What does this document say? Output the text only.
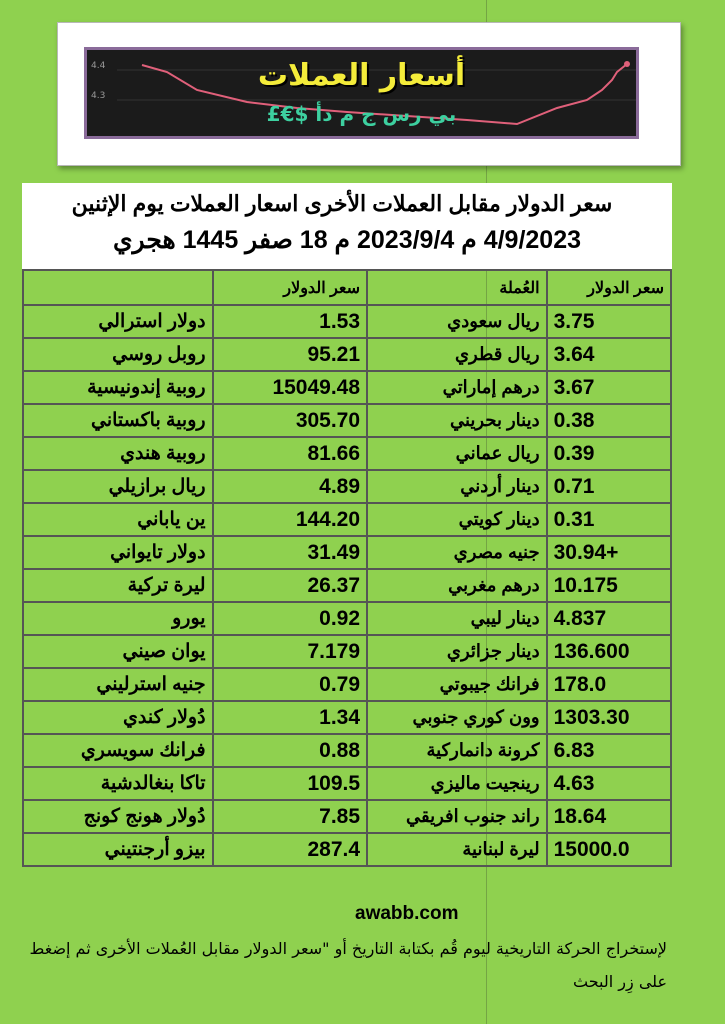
4.4
4.3
أسعار العملات
بي رس ج م دأ $€£
سعر الدولار مقابل العملات الأخرى اسعار العملات يوم الإثنين
4/9/2023 م 2023/9/4 م 18 صفر 1445 هجري
	سعر الدولار	العُملة	سعر الدولار
دولار استرالي	1.53	ريال سعودي	3.75
روبل روسي	95.21	ريال قطري	3.64
روبية إندونيسية	15049.48	درهم إماراتي	3.67
روبية باكستاني	305.70	دينار بحريني	0.38
روبية هندي	81.66	ريال عماني	0.39
ريال برازيلي	4.89	دينار أردني	0.71
ين ياباني	144.20	دينار كويتي	0.31
دولار تايواني	31.49	جنيه مصري	30.94+
ليرة تركية	26.37	درهم مغربي	10.175
يورو	0.92	دينار ليبي	4.837
يوان صيني	7.179	دينار جزائري	136.600
جنيه استرليني	0.79	فرانك جيبوتي	178.0
دُولار كندي	1.34	وون كوري جنوبي	1303.30
فرانك سويسري	0.88	كرونة دانماركية	6.83
تاكا بنغالدشية	109.5	رينجيت ماليزي	4.63
دُولار هونج كونج	7.85	راند جنوب افريقي	18.64
بيزو أرجنتيني	287.4	ليرة لبنانية	15000.0
awabb.com
لإستخراج الحركة التاريخية ليوم قُم بكتابة التاريخ أو "سعر الدولار مقابل العُملات الأخرى ثم إضغط على زِر البحث
